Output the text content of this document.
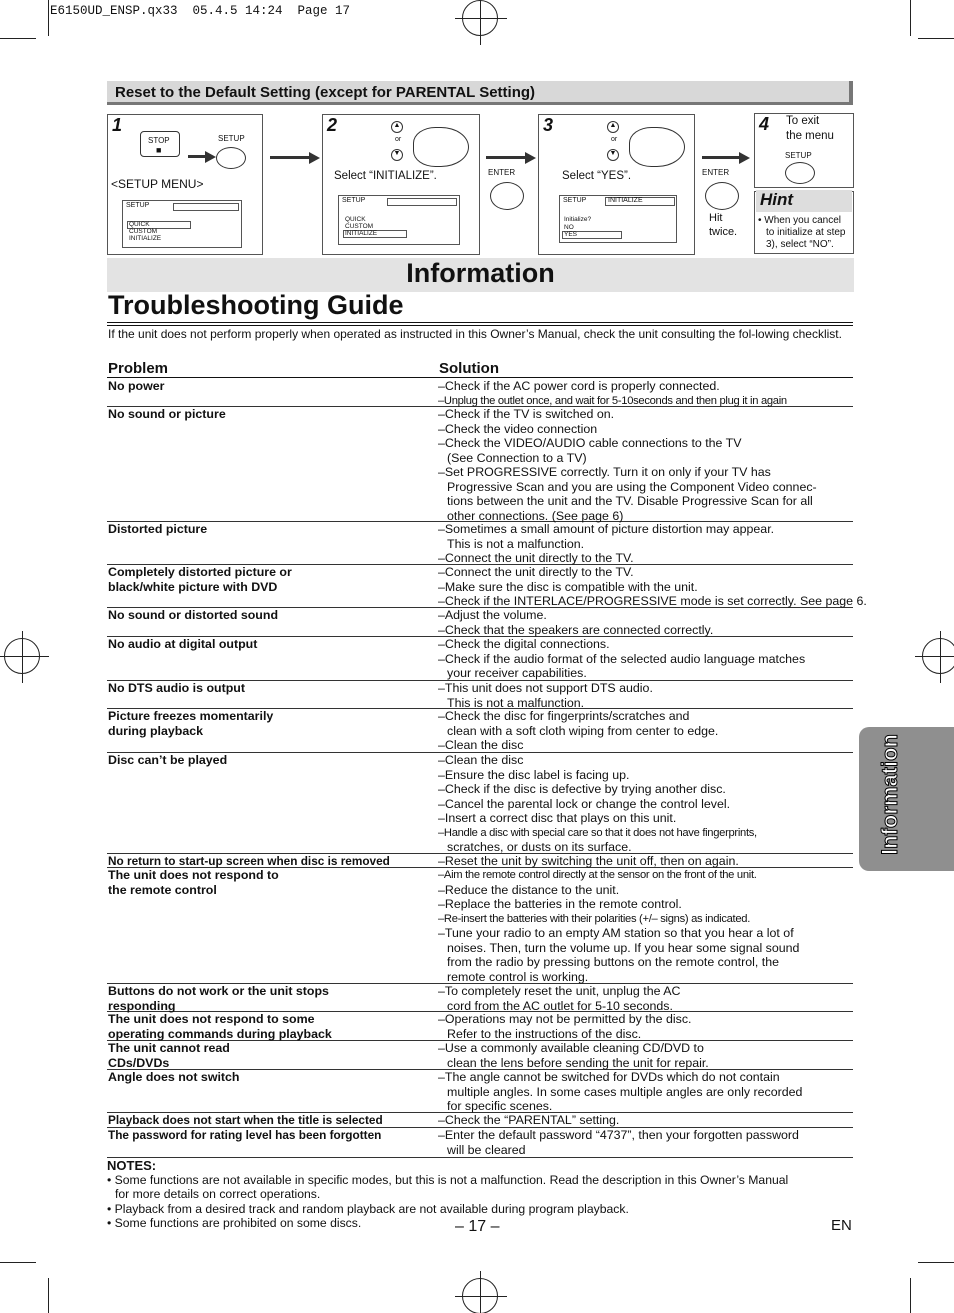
E6150UD_ENSP.qx33  05.4.5 14:24  Page 17
Reset to the Default Setting (except for PARENTAL Setting)
1
STOP
■
SETUP
<SETUP MENU>
SETUP
QUICK
CUSTOM
INITIALIZE
2	▲
or
▼
Select “INITIALIZE”.
SETUP
QUICK
CUSTOM
INITIALIZE
ENTER
3	▲
or
▼
Select “YES”.
SETUP	INITIALIZE
Initialize?
NO
YES
ENTER
Hit
twice.
4 To exit
the menu
SETUP
Hint
• When you cancel
to initialize at step
3), select “NO”.
Information
Troubleshooting Guide
If the unit does not perform properly when operated as instructed in this Owner’s Manual, check the unit consulting the fol-lowing checklist.
Problem	Solution
No power	–Check if the AC power cord is properly connected.
–Unplug the outlet once, and wait for 5-10seconds and then plug it in again
No sound or picture	–Check if the TV is switched on.
–Check the video connection
–Check the VIDEO/AUDIO cable connections to the TV
(See Connection to a TV)
–Set PROGRESSIVE correctly. Turn it on only if your TV has
Progressive Scan and you are using the Component Video connec-
tions between the unit and the TV. Disable Progressive Scan for all
other connections. (See page 6)
Distorted picture	–Sometimes a small amount of picture distortion may appear.
This is not a malfunction.
–Connect the unit directly to the TV.
Completely distorted picture or
black/white picture with DVD
–Connect the unit directly to the TV.
–Make sure the disc is compatible with the unit.
–Check if the INTERLACE/PROGRESSIVE mode is set correctly. See page 6.
No sound or distorted sound	–Adjust the volume.
–Check that the speakers are connected correctly.
No audio at digital output	–Check the digital connections.
–Check if the audio format of the selected audio language matches
your receiver capabilities.
No DTS audio is output	–This unit does not support DTS audio.
This is not a malfunction.
Picture freezes momentarily
during playback
–Check the disc for fingerprints/scratches and
clean with a soft cloth wiping from center to edge.
–Clean the disc
Disc can’t be played	–Clean the disc
–Ensure the disc label is facing up.
–Check if the disc is defective by trying another disc.
–Cancel the parental lock or change the control level.
–Insert a correct disc that plays on this unit.
–Handle a disc with special care so that it does not have fingerprints,
scratches, or dusts on its surface.
No return to start-up screen when disc is removed	–Reset the unit by switching the unit off, then on again.
The unit does not respond to
the remote control
–Aim the remote control directly at the sensor on the front of the unit.
–Reduce the distance to the unit.
–Replace the batteries in the remote control.
–Re-insert the batteries with their polarities (+/– signs) as indicated.
–Tune your radio to an empty AM station so that you hear a lot of
noises. Then, turn the volume up. If you hear some signal sound
from the radio by pressing buttons on the remote control, the
remote control is working.
Buttons do not work or the unit stops
responding
–To completely reset the unit, unplug the AC
cord from the AC outlet for 5-10 seconds.
The unit does not respond to some
operating commands during playback
–Operations may not be permitted by the disc.
Refer to the instructions of the disc.
The unit cannot read
CDs/DVDs
–Use a commonly available cleaning CD/DVD to
clean the lens before sending the unit for repair.
Angle does not switch	–The angle cannot be switched for DVDs which do not contain
multiple angles. In some cases multiple angles are only recorded
for specific scenes.
Playback does not start when the title is selected	–Check the “PARENTAL” setting.
The password for rating level has been forgotten	–Enter the default password “4737”, then your forgotten password
will be cleared
NOTES:
• Some functions are not available in specific modes, but this is not a malfunction. Read the description in this Owner’s Manual
for more details on correct operations.
• Playback from a desired track and random playback are not available during program playback.
• Some functions are prohibited on some discs.	– 17 –	EN
Information
